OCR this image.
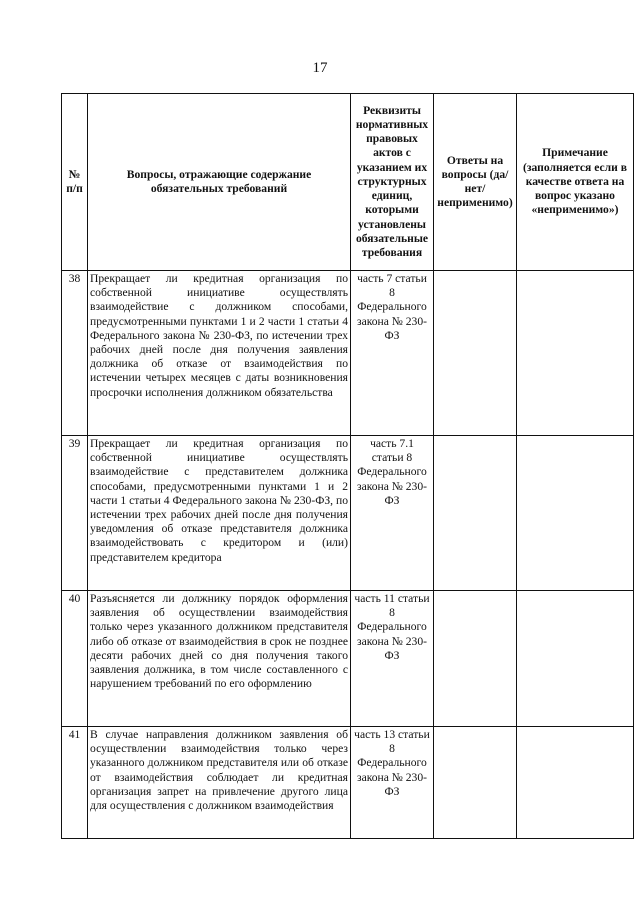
17
№ п/п	Вопросы, отражающие содержание обязательных требований	Реквизиты нормативных правовых актов с указанием их структурных единиц, которыми установлены обязательные требования	Ответы на вопросы (да/нет/ неприменимо)	Примечание (заполняется если в качестве ответа на вопрос указано «неприменимо»)
38	Прекращает ли кредитная организация по собственной инициативе осуществлять взаимодействие с должником способами, предусмотренными пунктами 1 и 2 части 1 статьи 4 Федерального закона № 230-ФЗ, по истечении трех рабочих дней после дня получения заявления должника об отказе от взаимодействия по истечении четырех месяцев с даты возникновения просрочки исполнения должником обязательства	часть 7 статьи 8 Федерального закона № 230-ФЗ		
39	Прекращает ли кредитная организация по собственной инициативе осуществлять взаимодействие с представителем должника способами, предусмотренными пунктами 1 и 2 части 1 статьи 4 Федерального закона № 230-ФЗ, по истечении трех рабочих дней после дня получения уведомления об отказе представителя должника взаимодействовать с кредитором и (или) представителем кредитора	часть 7.1 статьи 8 Федерального закона № 230-ФЗ		
40	Разъясняется ли должнику порядок оформления заявления об осуществлении взаимодействия только через указанного должником представителя либо об отказе от взаимодействия в срок не позднее десяти рабочих дней со дня получения такого заявления должника, в том числе составленного с нарушением требований по его оформлению	часть 11 статьи 8 Федерального закона № 230-ФЗ		
41	В случае направления должником заявления об осуществлении взаимодействия только через указанного должником представителя или об отказе от взаимодействия соблюдает ли кредитная организация запрет на привлечение другого лица для осуществления с должником взаимодействия	часть 13 статьи 8 Федерального закона № 230-ФЗ		
